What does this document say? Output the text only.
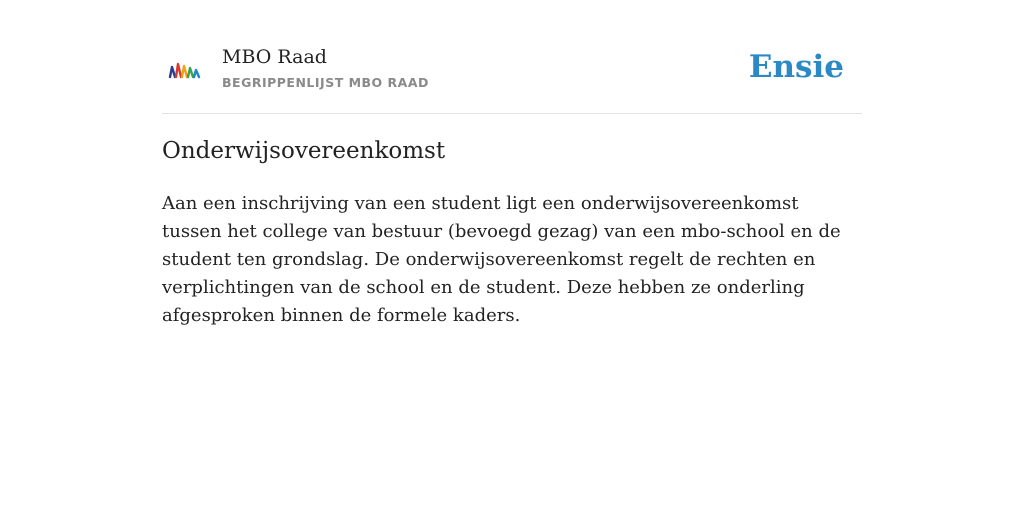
MBO Raad
BEGRIPPENLIJST MBO RAAD	Ensie
Onderwijsovereenkomst

Aan een inschrijving van een student ligt een onderwijsovereenkomst tussen het college van bestuur (bevoegd gezag) van een mbo-school en de student ten grondslag. De onderwijsovereenkomst regelt de rechten en verplichtingen van de school en de student. Deze hebben ze onderling afgesproken binnen de formele kaders.
